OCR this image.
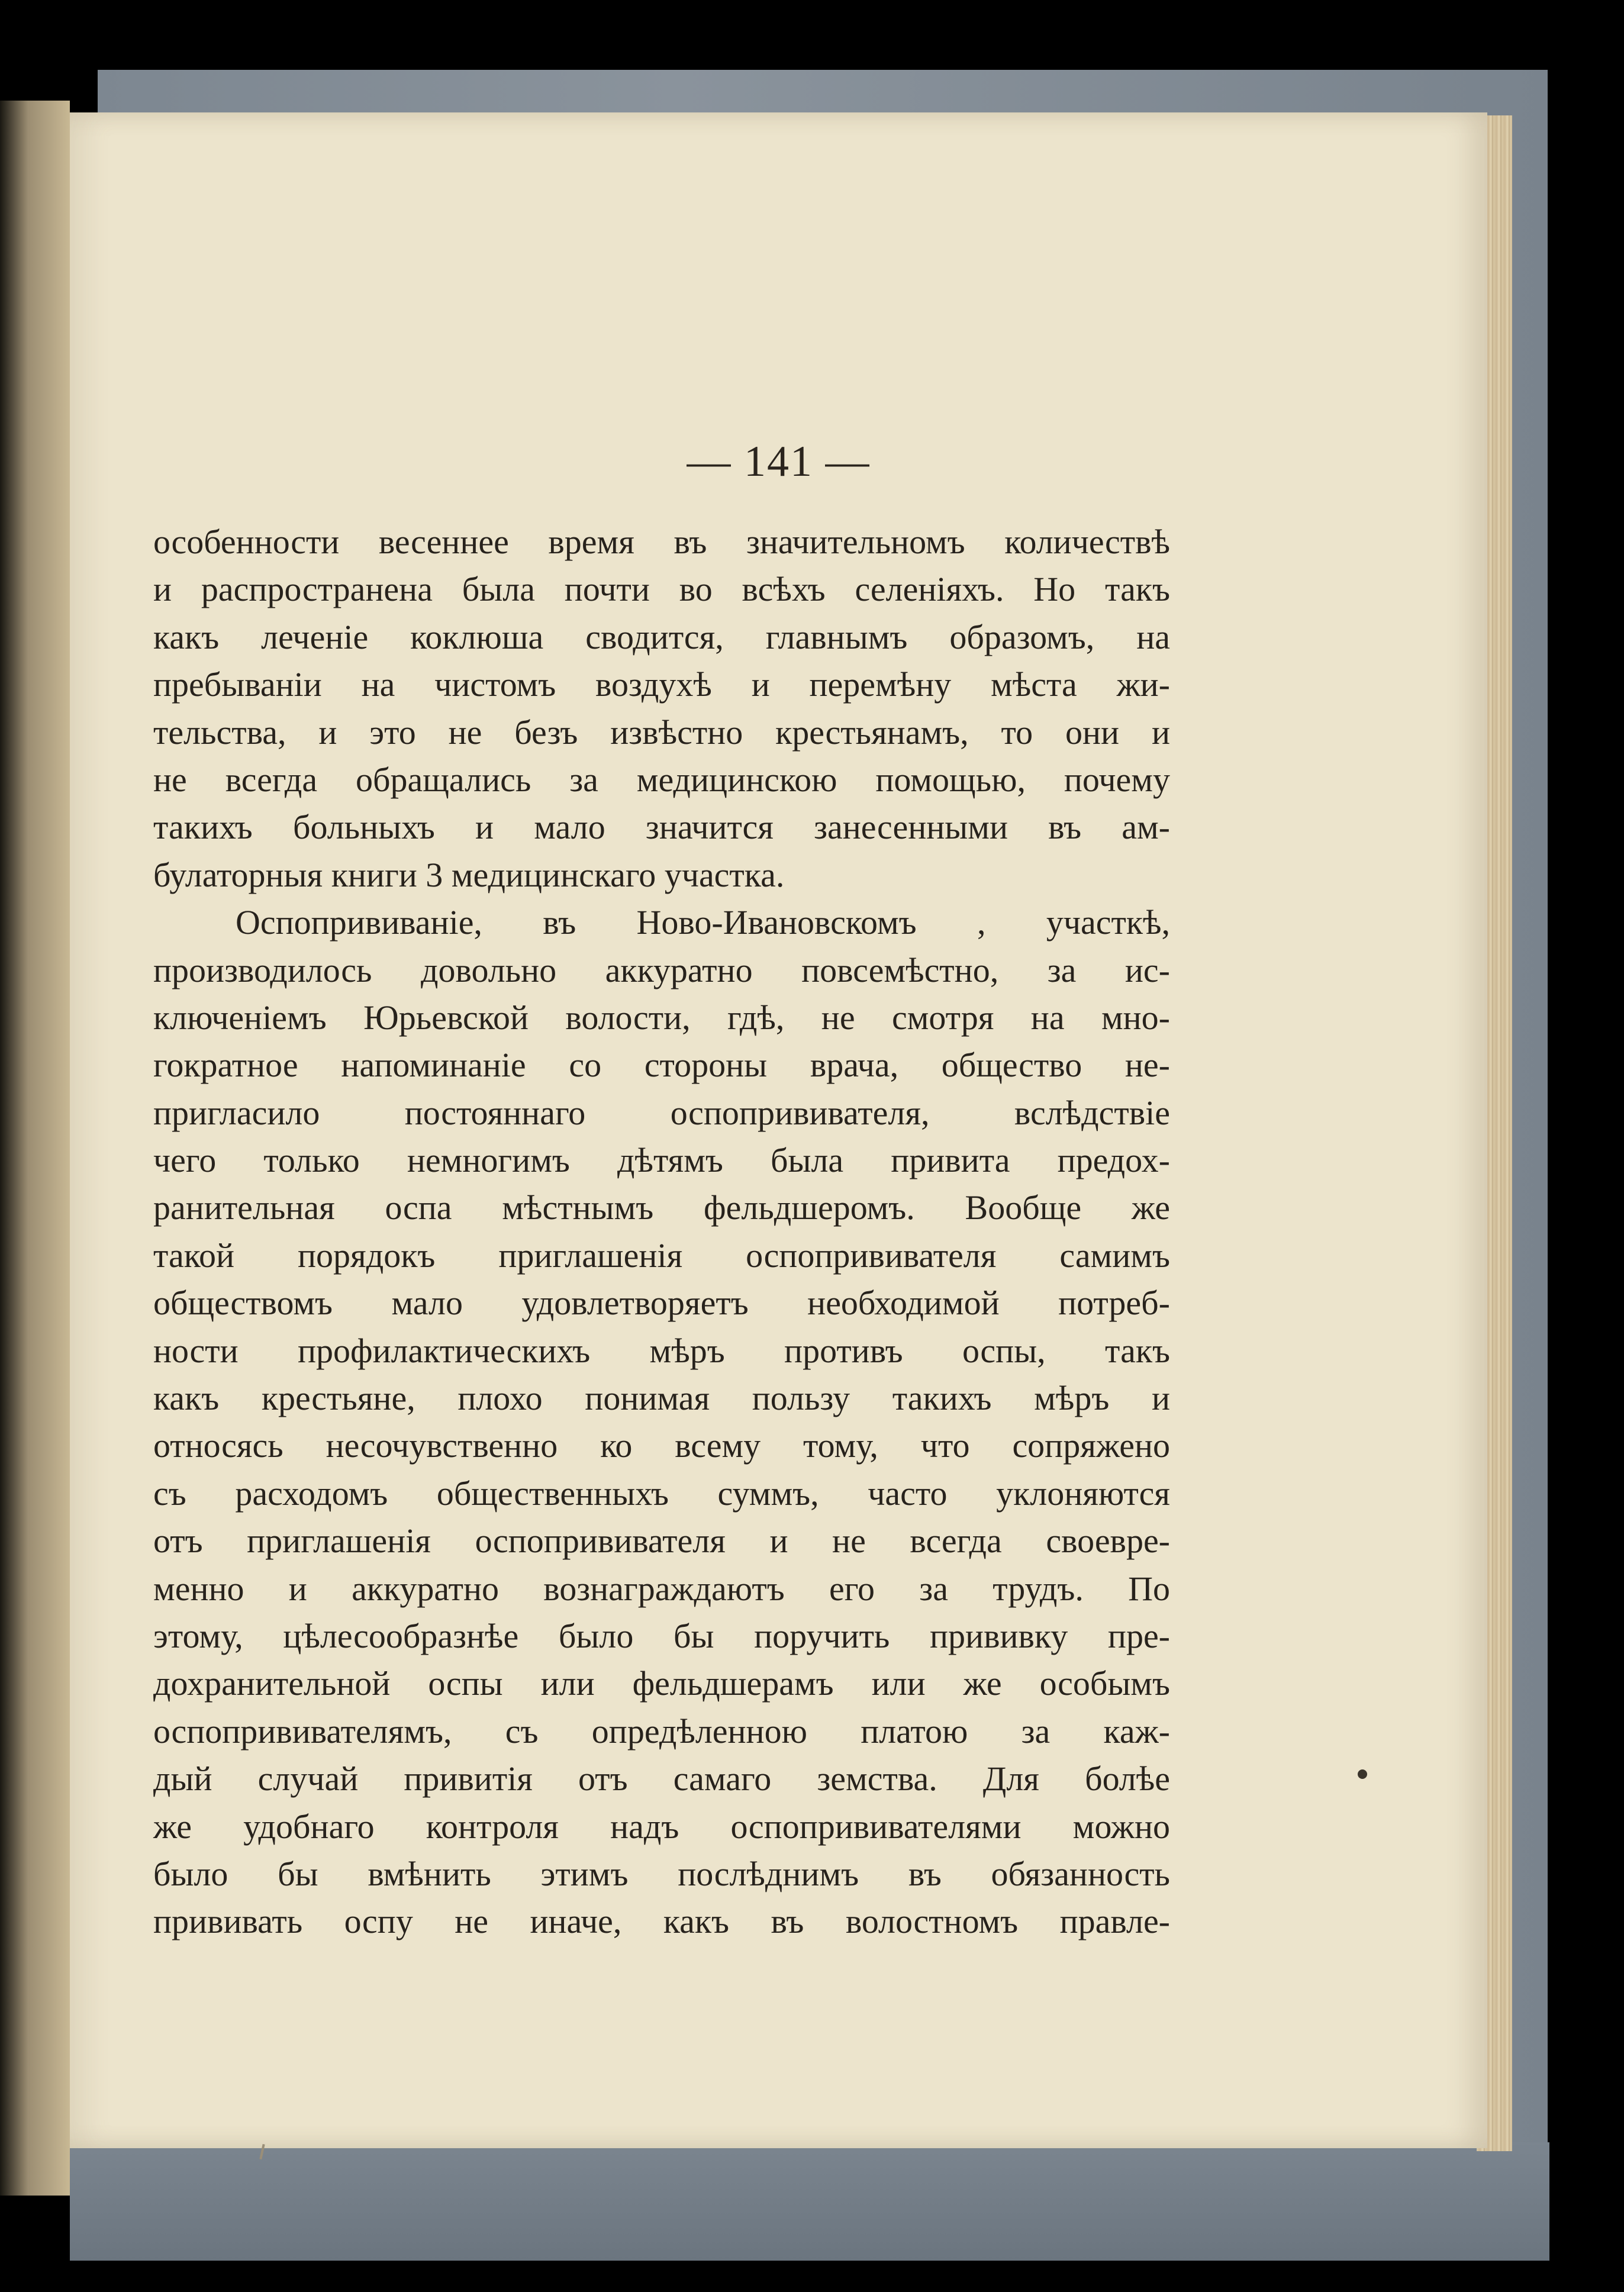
— 141 —
особенности весеннее время въ значительномъ количествѣ
и распространена была почти во всѣхъ селеніяхъ. Но такъ
какъ леченіе коклюша сводится, главнымъ образомъ, на
пребываніи на чистомъ воздухѣ и перемѣну мѣста жи-
тельства, и это не безъ извѣстно крестьянамъ, то они и
не всегда обращались за медицинскою помощью, почему
такихъ больныхъ и мало значится занесенными въ ам-
булаторныя книги 3 медицинскаго участка.
Оспопрививаніе, въ Ново-Ивановскомъ , участкѣ,
производилось довольно аккуратно повсемѣстно, за ис-
ключеніемъ Юрьевской волости, гдѣ, не смотря на мно-
гократное напоминаніе со стороны врача, общество не-
пригласило постояннаго оспопрививателя, вслѣдствіе
чего только немногимъ дѣтямъ была привита предох-
ранительная оспа мѣстнымъ фельдшеромъ. Вообще же
такой порядокъ приглашенія оспопрививателя самимъ
обществомъ мало удовлетворяетъ необходимой потреб-
ности профилактическихъ мѣръ противъ оспы, такъ
какъ крестьяне, плохо понимая пользу такихъ мѣръ и
относясь несочувственно ко всему тому, что сопряжено
съ расходомъ общественныхъ суммъ, часто уклоняются
отъ приглашенія оспопрививателя и не всегда своевре-
менно и аккуратно вознаграждаютъ его за трудъ. По
этому, цѣлесообразнѣе было бы поручить прививку пре-
дохранительной оспы или фельдшерамъ или же особымъ
оспопрививателямъ, съ опредѣленною платою за каж-
дый случай привитія отъ самаго земства. Для болѣе
же удобнаго контроля надъ оспопрививателями можно
было бы вмѣнить этимъ послѣднимъ въ обязанность
прививать оспу не иначе, какъ въ волостномъ правле-
